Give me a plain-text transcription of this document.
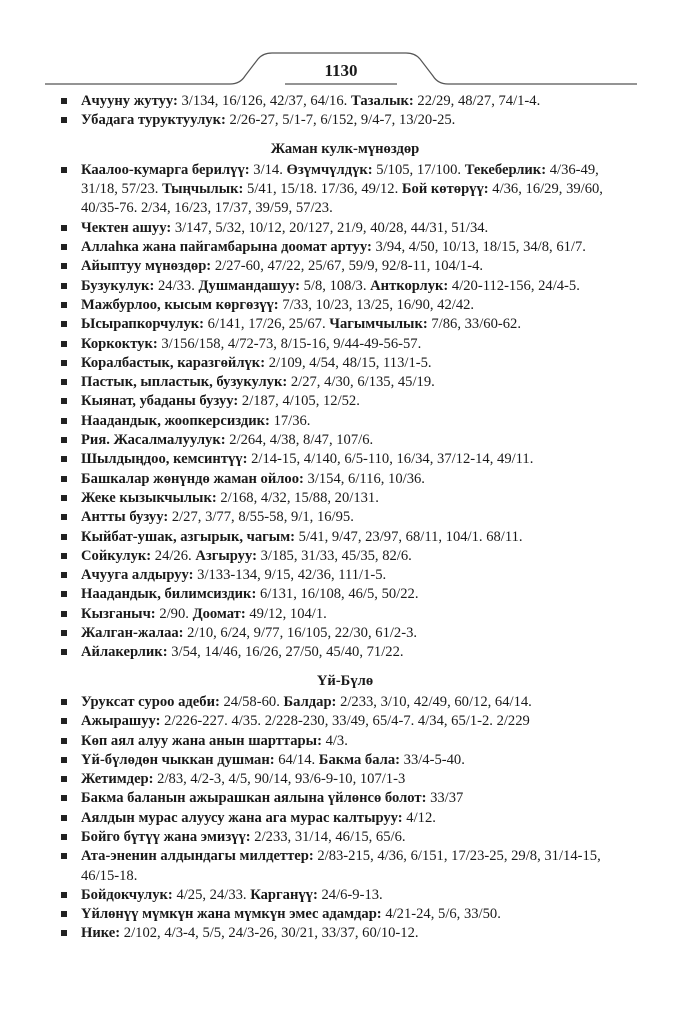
1130
Ачууну жутуу: 3/134, 16/126, 42/37, 64/16. Тазалык: 22/29, 48/27, 74/1-4.
Убадага туруктуулук: 2/26-27, 5/1-7, 6/152, 9/4-7, 13/20-25.
Жаман кулк-мүнөздөр
Каалоо-кумарга берилүү: 3/14. Өзүмчүлдүк: 5/105, 17/100. Текеберлик: 4/36-49, 31/18, 57/23. Тыңчылык: 5/41, 15/18. 17/36, 49/12. Бой көтөрүү: 4/36, 16/29, 39/60, 40/35-76. 2/34, 16/23, 17/37, 39/59, 57/23.
Чектен ашуу: 3/147, 5/32, 10/12, 20/127, 21/9, 40/28, 44/31, 51/34.
Аллаһка жана пайгамбарына доомат артуу: 3/94, 4/50, 10/13, 18/15, 34/8, 61/7.
Айыптуу мүнөздөр: 2/27-60, 47/22, 25/67, 59/9, 92/8-11, 104/1-4.
Бузукулук: 24/33. Душмандашуу: 5/8, 108/3. Анткорлук: 4/20-112-156, 24/4-5.
Мажбурлоо, кысым көргөзүү: 7/33, 10/23, 13/25, 16/90, 42/42.
Ысырапкорчулук: 6/141, 17/26, 25/67. Чагымчылык: 7/86, 33/60-62.
Коркоктук: 3/156/158, 4/72-73, 8/15-16, 9/44-49-56-57.
Коралбастык, каразгөйлүк: 2/109, 4/54, 48/15, 113/1-5.
Пастык, ыпластык, бузукулук: 2/27, 4/30, 6/135, 45/19.
Кыянат, убаданы бузуу: 2/187, 4/105, 12/52.
Наадандык, жоопкерсиздик: 17/36.
Рия. Жасалмалуулук: 2/264, 4/38, 8/47, 107/6.
Шылдыңдоо, кемсинтүү: 2/14-15, 4/140, 6/5-110, 16/34, 37/12-14, 49/11.
Башкалар жөнүндө жаман ойлоо: 3/154, 6/116, 10/36.
Жеке кызыкчылык: 2/168, 4/32, 15/88, 20/131.
Антты бузуу: 2/27, 3/77, 8/55-58, 9/1, 16/95.
Кыйбат-ушак, азгырык, чагым: 5/41, 9/47, 23/97, 68/11, 104/1. 68/11.
Сойкулук: 24/26. Азгыруу: 3/185, 31/33, 45/35, 82/6.
Ачууга алдыруу: 3/133-134, 9/15, 42/36, 111/1-5.
Наадандык, билимсиздик: 6/131, 16/108, 46/5, 50/22.
Кызганыч: 2/90. Доомат: 49/12, 104/1.
Жалган-жалаа: 2/10, 6/24, 9/77, 16/105, 22/30, 61/2-3.
Айлакерлик: 3/54, 14/46, 16/26, 27/50, 45/40, 71/22.
Үй-Бүлө
Уруксат суроо адеби: 24/58-60. Балдар: 2/233, 3/10, 42/49, 60/12, 64/14.
Ажырашуу: 2/226-227. 4/35. 2/228-230, 33/49, 65/4-7. 4/34, 65/1-2. 2/229
Көп аял алуу жана анын шарттары: 4/3.
Үй-бүлөдөн чыккан душман: 64/14. Бакма бала: 33/4-5-40.
Жетимдер: 2/83, 4/2-3, 4/5, 90/14, 93/6-9-10, 107/1-3
Бакма баланын ажырашкан аялына үйлөнсө болот: 33/37
Аялдын мурас алуусу жана ага мурас калтыруу: 4/12.
Бойго бүтүү жана эмизүү: 2/233, 31/14, 46/15, 65/6.
Ата-эненин алдындагы милдеттер: 2/83-215, 4/36, 6/151, 17/23-25, 29/8, 31/14-15, 46/15-18.
Бойдокчулук: 4/25, 24/33. Карганүү: 24/6-9-13.
Үйлөнүү мүмкүн жана мүмкүн эмес адамдар: 4/21-24, 5/6, 33/50.
Нике: 2/102, 4/3-4, 5/5, 24/3-26, 30/21, 33/37, 60/10-12.
